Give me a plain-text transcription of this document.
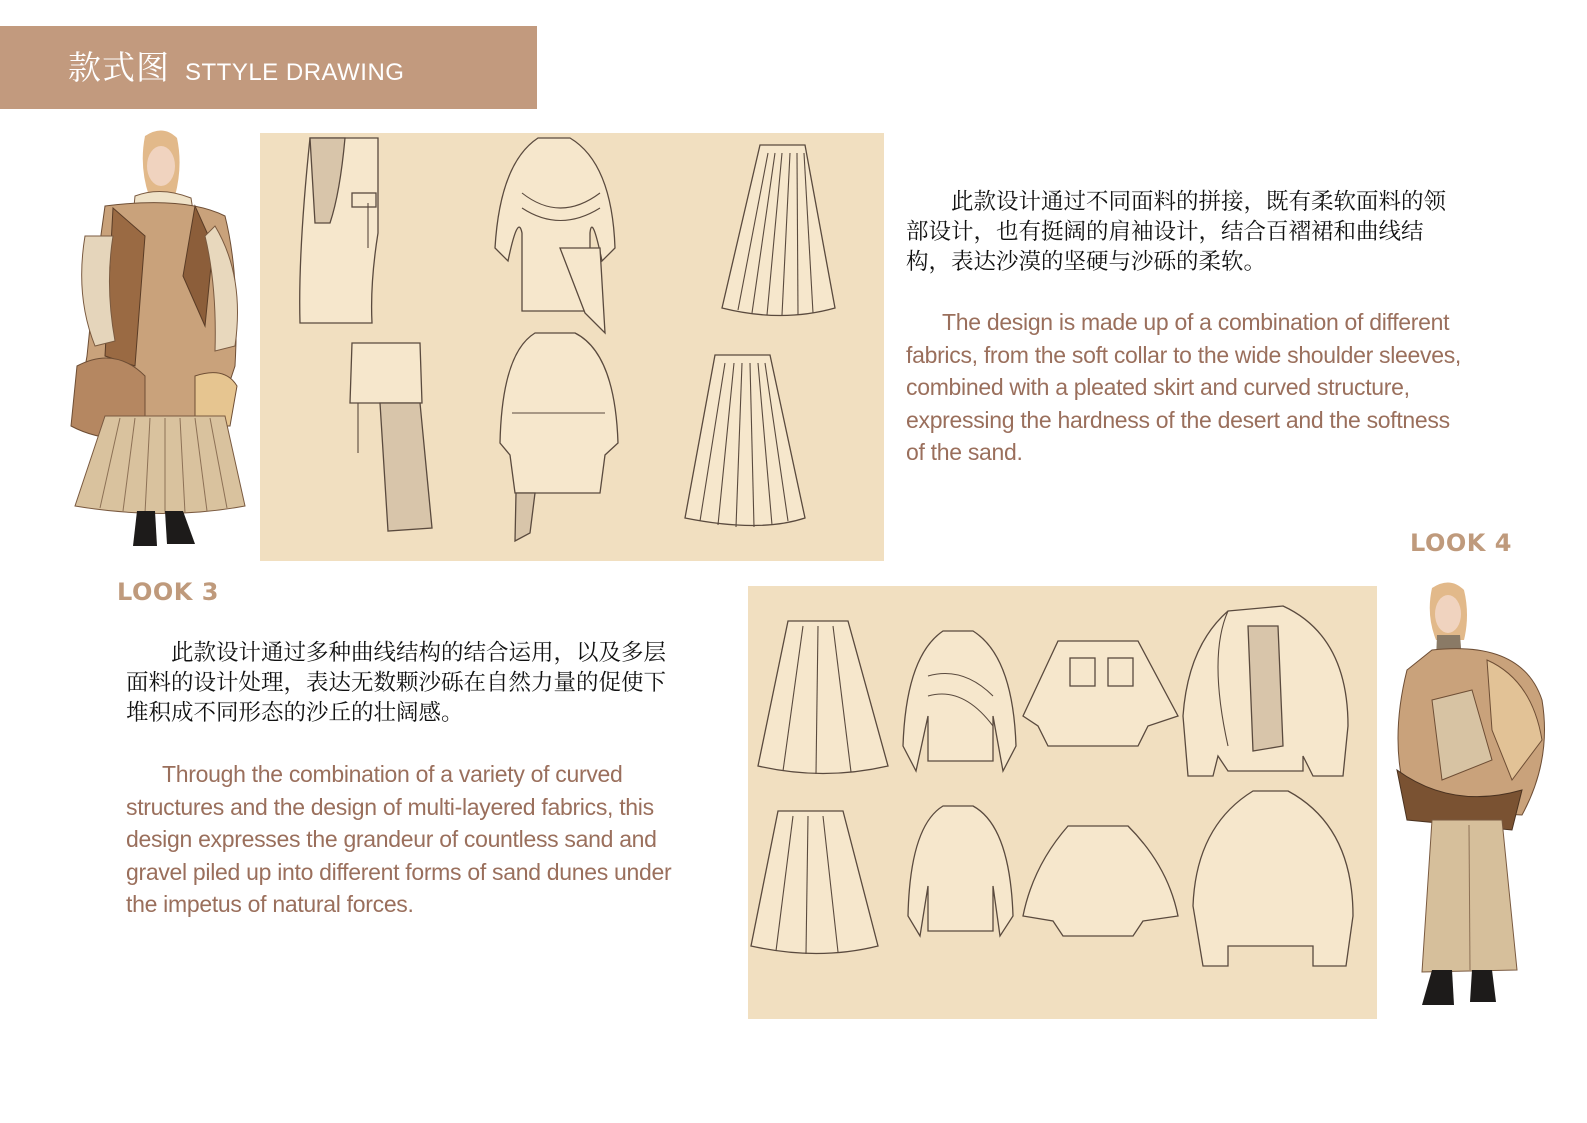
款式图 STTYLE DRAWING

此款设计通过不同面料的拼接，既有柔软面料的领部设计，也有挺阔的肩袖设计，结合百褶裙和曲线结构，表达沙漠的坚硬与沙砾的柔软。

The design is made up of a combination of different fabrics, from the soft collar to the wide shoulder sleeves, combined with a pleated skirt and curved structure, expressing the hardness of the desert and the softness of the sand.

LOOK 3
LOOK 4

此款设计通过多种曲线结构的结合运用，以及多层面料的设计处理，表达无数颗沙砾在自然力量的促使下堆积成不同形态的沙丘的壮阔感。

Through the combination of a variety of curved structures and the design of multi-layered fabrics, this design expresses the grandeur of countless sand and gravel piled up into different forms of sand dunes under the impetus of natural forces.
